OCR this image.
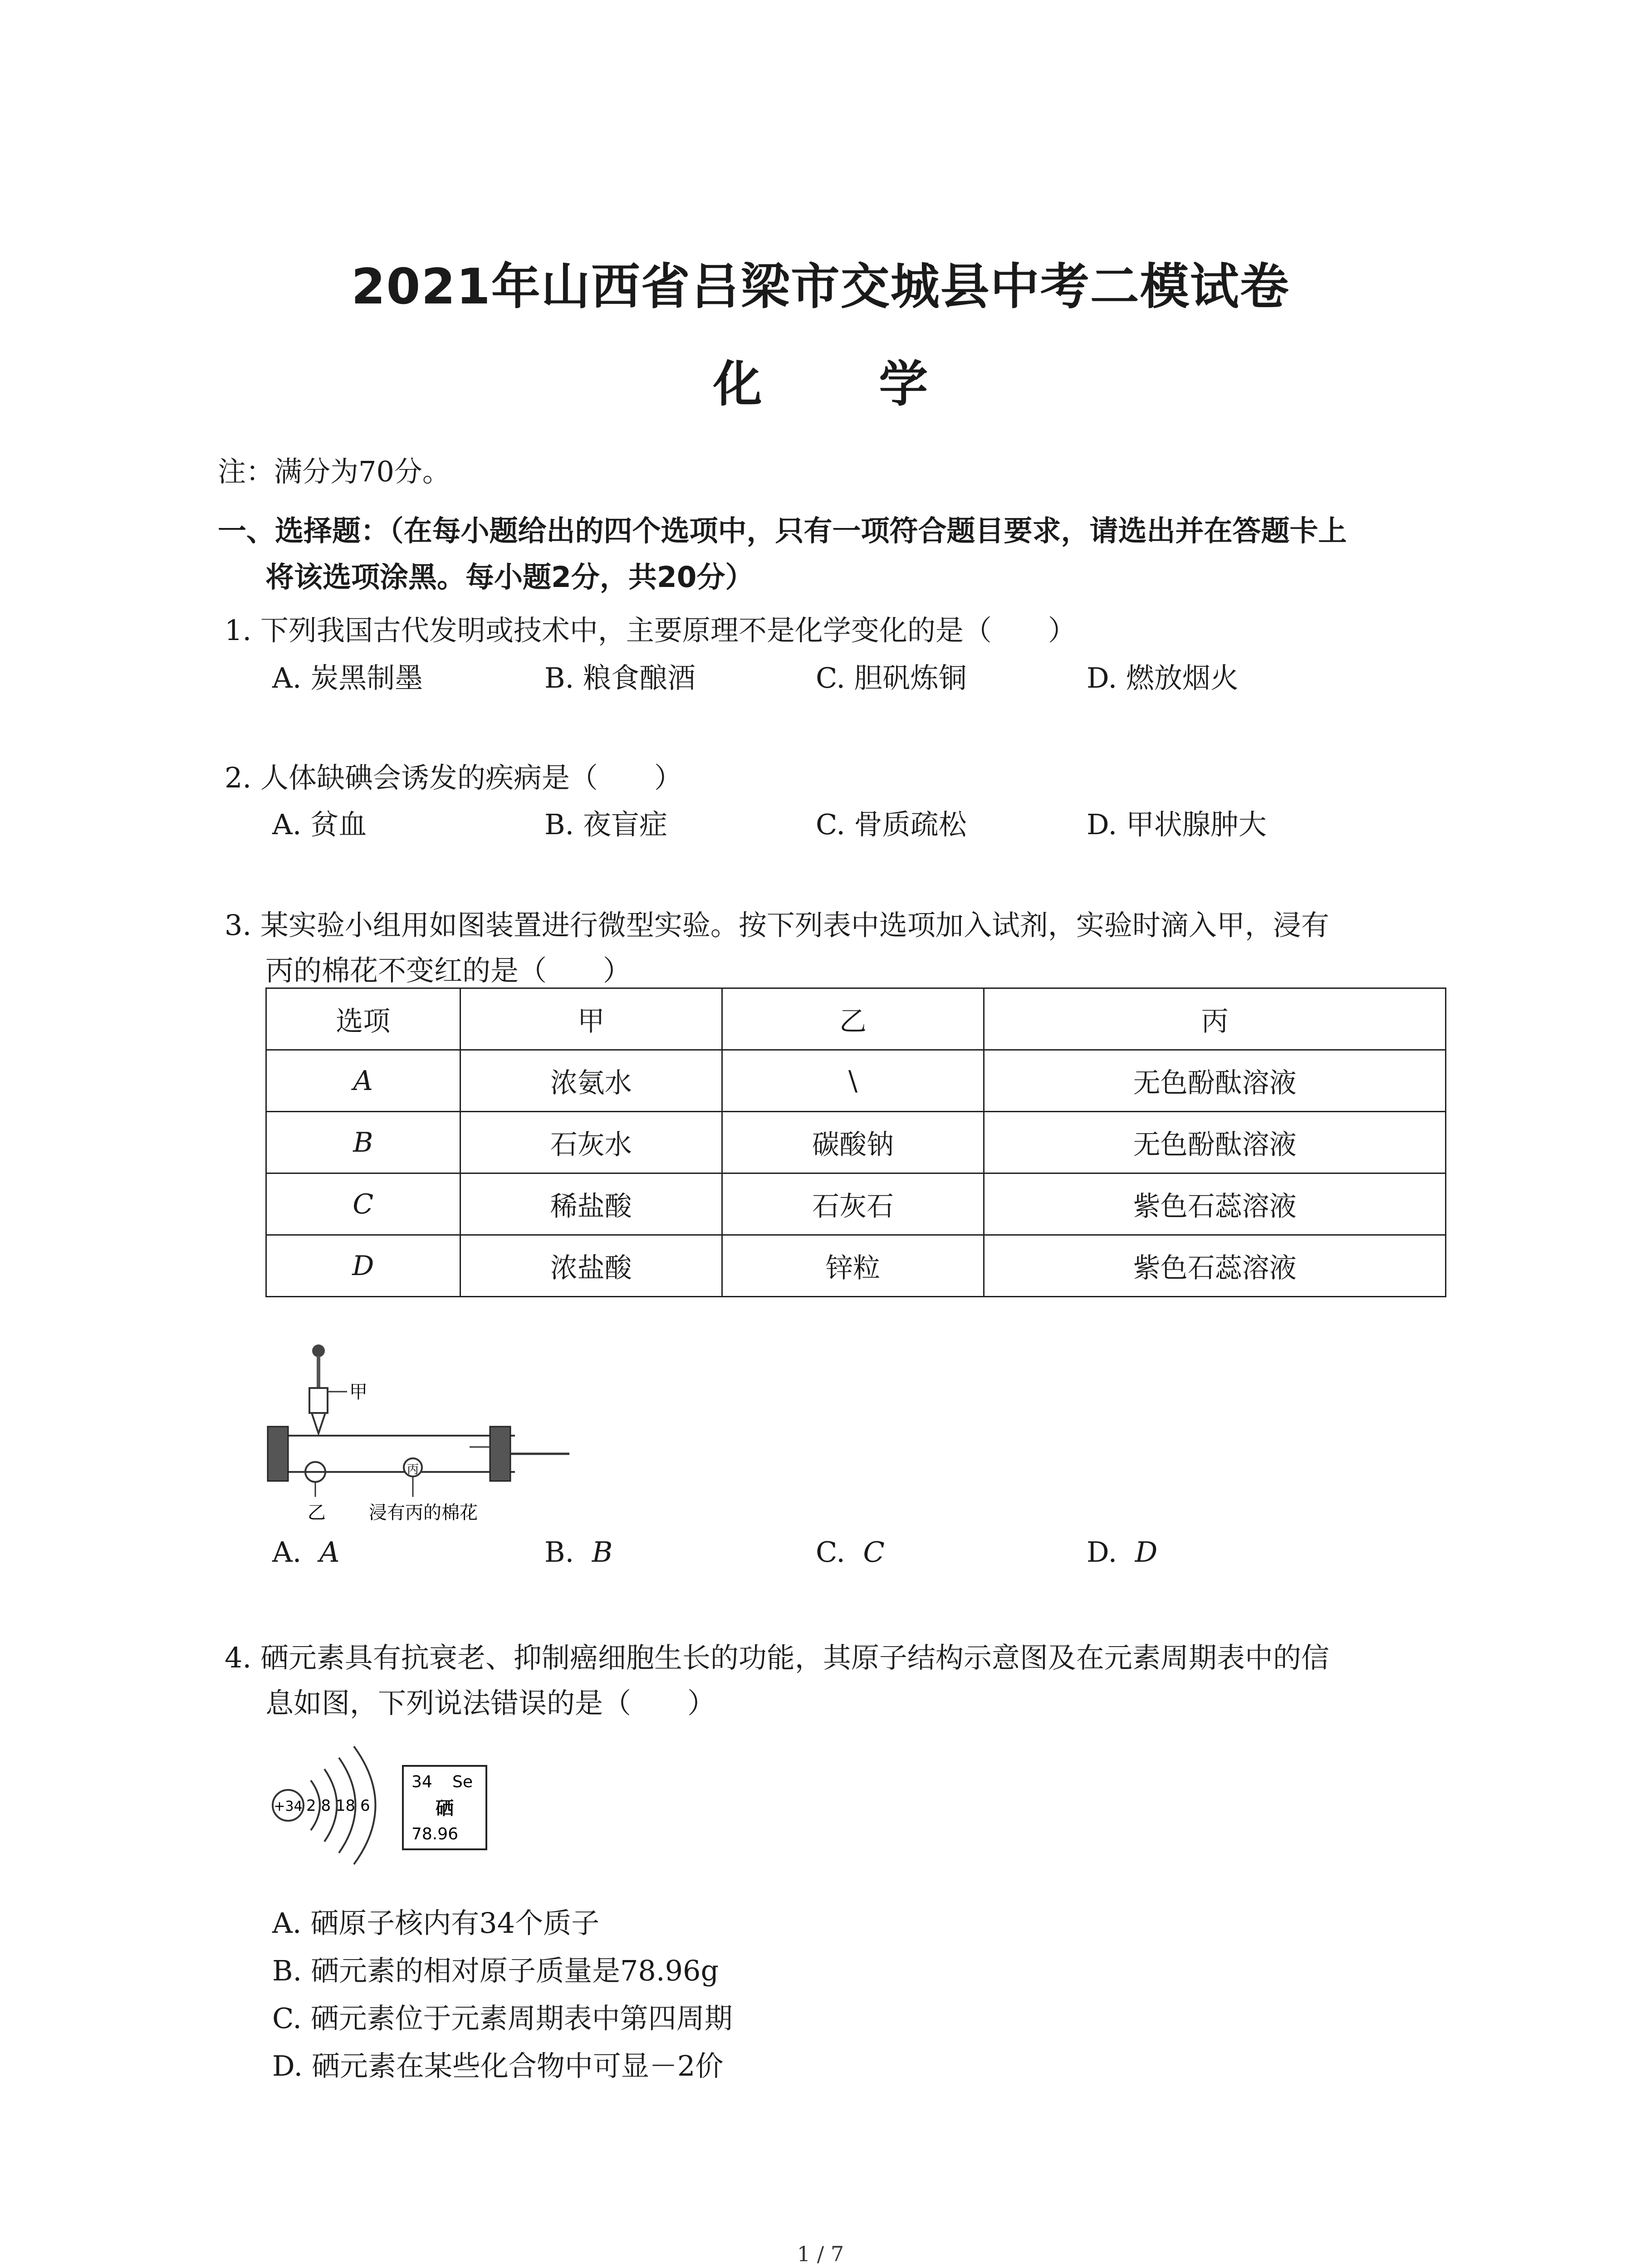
2021年山西省吕梁市交城县中考二模试卷
化 学
注：满分为70分。
一、选择题：（在每小题给出的四个选项中，只有一项符合题目要求，请选出并在答题卡上
将该选项涂黑。每小题2分，共20分）
1. 下列我国古代发明或技术中，主要原理不是化学变化的是（　　）
A. 炭黑制墨	B. 粮食酿酒	C. 胆矾炼铜	D. 燃放烟火
2. 人体缺碘会诱发的疾病是（　　）
A. 贫血	B. 夜盲症	C. 骨质疏松	D. 甲状腺肿大
3. 某实验小组用如图装置进行微型实验。按下列表中选项加入试剂，实验时滴入甲，浸有
丙的棉花不变红的是（　　）
选项	甲	乙	丙
A	浓氨水	\	无色酚酞溶液
B	石灰水	碳酸钠	无色酚酞溶液
C	稀盐酸	石灰石	紫色石蕊溶液
D	浓盐酸	锌粒	紫色石蕊溶液
甲
乙
丙
浸有丙的棉花
A. A	B. B	C. C	D. D
4. 硒元素具有抗衰老、抑制癌细胞生长的功能，其原子结构示意图及在元素周期表中的信
息如图，下列说法错误的是（　　）
+34 2 8 18 6
34 Se
硒
78.96
A. 硒原子核内有34个质子
B. 硒元素的相对原子质量是78.96g
C. 硒元素位于元素周期表中第四周期
D. 硒元素在某些化合物中可显－2价
1 / 7
